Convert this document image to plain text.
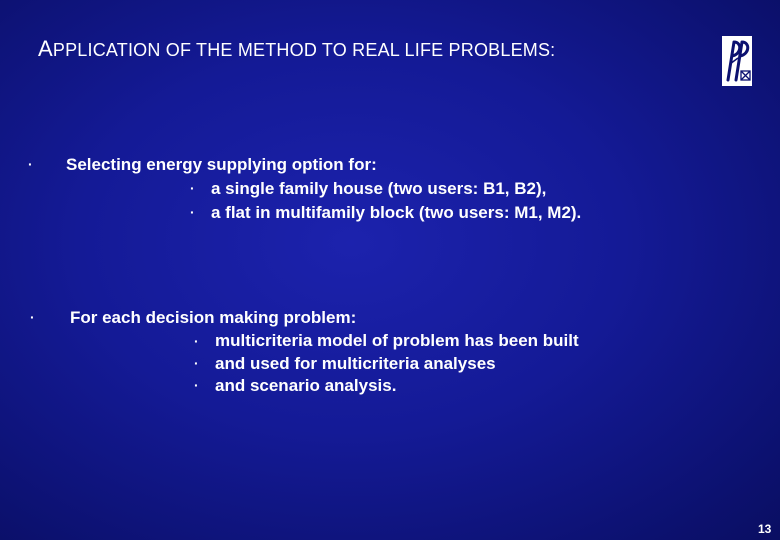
APPLICATION OF THE METHOD TO REAL LIFE PROBLEMS:
· Selecting energy supplying option for:
· a single family house (two users: B1, B2),
· a flat in multifamily block (two users: M1, M2).
· For each decision making problem:
· multicriteria model of problem has been built
· and used for multicriteria analyses
· and scenario analysis.
13
